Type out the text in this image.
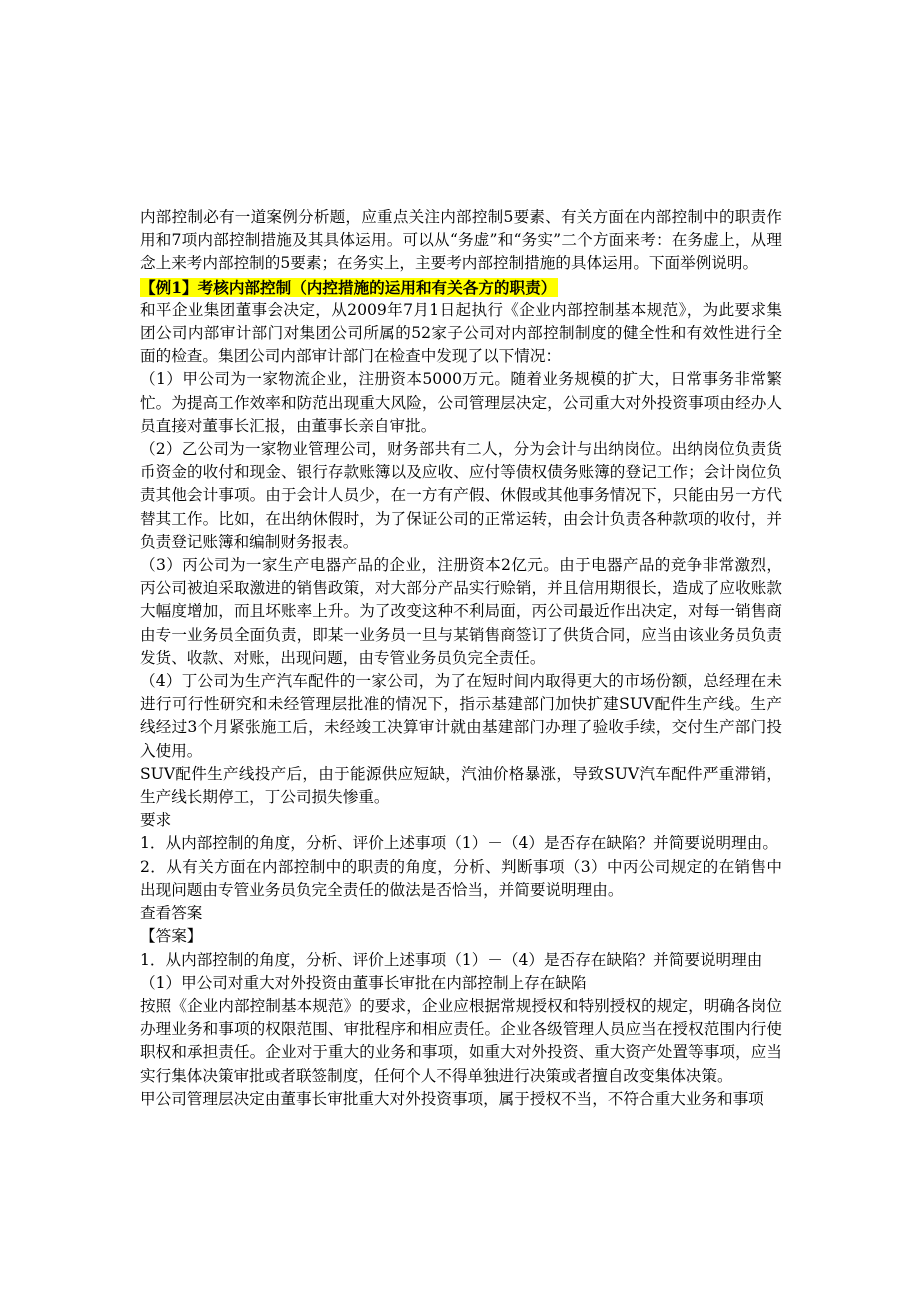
内部控制必有一道案例分析题，应重点关注内部控制5要素、有关方面在内部控制中的职责作用和7项内部控制措施及其具体运用。可以从“务虚”和“务实”二个方面来考：在务虚上，从理念上来考内部控制的5要素；在务实上，主要考内部控制措施的具体运用。下面举例说明。

【例1】考核内部控制（内控措施的运用和有关各方的职责）

和平企业集团董事会决定，从2009年7月1日起执行《企业内部控制基本规范》，为此要求集团公司内部审计部门对集团公司所属的52家子公司对内部控制制度的健全性和有效性进行全面的检查。集团公司内部审计部门在检查中发现了以下情况：

（1）甲公司为一家物流企业，注册资本5000万元。随着业务规模的扩大，日常事务非常繁忙。为提高工作效率和防范出现重大风险，公司管理层决定，公司重大对外投资事项由经办人员直接对董事长汇报，由董事长亲自审批。

（2）乙公司为一家物业管理公司，财务部共有二人，分为会计与出纳岗位。出纳岗位负责货币资金的收付和现金、银行存款账簿以及应收、应付等债权债务账簿的登记工作；会计岗位负责其他会计事项。由于会计人员少，在一方有产假、休假或其他事务情况下，只能由另一方代替其工作。比如，在出纳休假时，为了保证公司的正常运转，由会计负责各种款项的收付，并负责登记账簿和编制财务报表。

（3）丙公司为一家生产电器产品的企业，注册资本2亿元。由于电器产品的竞争非常激烈，丙公司被迫采取激进的销售政策，对大部分产品实行赊销，并且信用期很长，造成了应收账款大幅度增加，而且坏账率上升。为了改变这种不利局面，丙公司最近作出决定，对每一销售商由专一业务员全面负责，即某一业务员一旦与某销售商签订了供货合同，应当由该业务员负责发货、收款、对账，出现问题，由专管业务员负完全责任。

（4）丁公司为生产汽车配件的一家公司，为了在短时间内取得更大的市场份额，总经理在未进行可行性研究和未经管理层批准的情况下，指示基建部门加快扩建SUV配件生产线。生产线经过3个月紧张施工后，未经竣工决算审计就由基建部门办理了验收手续，交付生产部门投入使用。

SUV配件生产线投产后，由于能源供应短缺，汽油价格暴涨，导致SUV汽车配件严重滞销，生产线长期停工，丁公司损失惨重。

要求

1．从内部控制的角度，分析、评价上述事项（1）－（4）是否存在缺陷？并简要说明理由。

2．从有关方面在内部控制中的职责的角度，分析、判断事项（3）中丙公司规定的在销售中出现问题由专管业务员负完全责任的做法是否恰当，并简要说明理由。

查看答案

【答案】

1．从内部控制的角度，分析、评价上述事项（1）－（4）是否存在缺陷？并简要说明理由

（1）甲公司对重大对外投资由董事长审批在内部控制上存在缺陷

按照《企业内部控制基本规范》的要求，企业应根据常规授权和特别授权的规定，明确各岗位办理业务和事项的权限范围、审批程序和相应责任。企业各级管理人员应当在授权范围内行使职权和承担责任。企业对于重大的业务和事项，如重大对外投资、重大资产处置等事项，应当实行集体决策审批或者联签制度，任何个人不得单独进行决策或者擅自改变集体决策。

甲公司管理层决定由董事长审批重大对外投资事项，属于授权不当，不符合重大业务和事项
